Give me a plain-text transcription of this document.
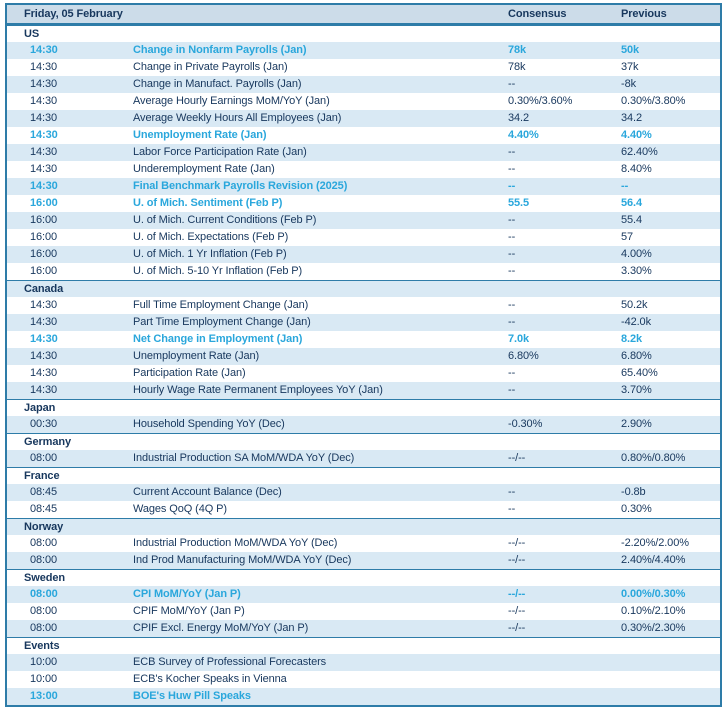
Friday, 05 February	Consensus	Previous
US
14:30	Change in Nonfarm Payrolls (Jan)	78k	50k
14:30	Change in Private Payrolls (Jan)	78k	37k
14:30	Change in Manufact. Payrolls (Jan)	--	-8k
14:30	Average Hourly Earnings MoM/YoY (Jan)	0.30%/3.60%	0.30%/3.80%
14:30	Average Weekly Hours All Employees (Jan)	34.2	34.2
14:30	Unemployment Rate (Jan)	4.40%	4.40%
14:30	Labor Force Participation Rate (Jan)	--	62.40%
14:30	Underemployment Rate (Jan)	--	8.40%
14:30	Final Benchmark Payrolls Revision (2025)	--	--
16:00	U. of Mich. Sentiment (Feb P)	55.5	56.4
16:00	U. of Mich. Current Conditions (Feb P)	--	55.4
16:00	U. of Mich. Expectations (Feb P)	--	57
16:00	U. of Mich. 1 Yr Inflation (Feb P)	--	4.00%
16:00	U. of Mich. 5-10 Yr Inflation (Feb P)	--	3.30%
Canada
14:30	Full Time Employment Change (Jan)	--	50.2k
14:30	Part Time Employment Change (Jan)	--	-42.0k
14:30	Net Change in Employment (Jan)	7.0k	8.2k
14:30	Unemployment Rate (Jan)	6.80%	6.80%
14:30	Participation Rate (Jan)	--	65.40%
14:30	Hourly Wage Rate Permanent Employees YoY (Jan)	--	3.70%
Japan
00:30	Household Spending YoY (Dec)	-0.30%	2.90%
Germany
08:00	Industrial Production SA MoM/WDA YoY (Dec)	--/--	0.80%/0.80%
France
08:45	Current Account Balance (Dec)	--	-0.8b
08:45	Wages QoQ (4Q P)	--	0.30%
Norway
08:00	Industrial Production MoM/WDA YoY (Dec)	--/--	-2.20%/2.00%
08:00	Ind Prod Manufacturing MoM/WDA YoY (Dec)	--/--	2.40%/4.40%
Sweden
08:00	CPI MoM/YoY (Jan P)	--/--	0.00%/0.30%
08:00	CPIF MoM/YoY (Jan P)	--/--	0.10%/2.10%
08:00	CPIF Excl. Energy MoM/YoY (Jan P)	--/--	0.30%/2.30%
Events
10:00	ECB Survey of Professional Forecasters
10:00	ECB's Kocher Speaks in Vienna
13:00	BOE's Huw Pill Speaks
